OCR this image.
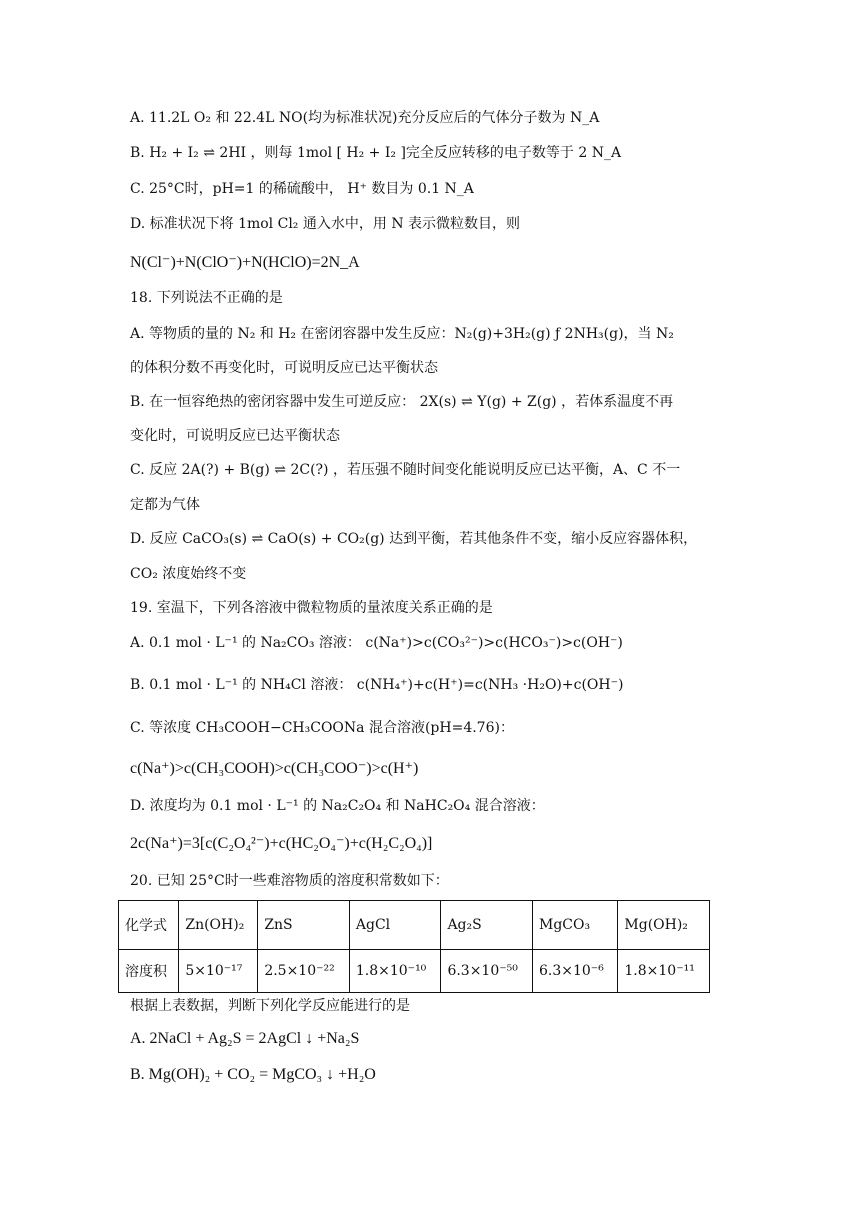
A. 11.2L O₂ 和 22.4L NO(均为标准状况)充分反应后的气体分子数为 N_A
B. H₂ + I₂ ⇌ 2HI ，则每 1mol [ H₂ + I₂ ]完全反应转移的电子数等于 2 N_A
C. 25°C时，pH=1 的稀硫酸中， H⁺ 数目为 0.1 N_A
D. 标准状况下将 1mol Cl₂ 通入水中，用 N 表示微粒数目，则
N(Cl⁻)+N(ClO⁻)+N(HClO)=2N_A
18. 下列说法不正确的是
A. 等物质的量的 N₂ 和 H₂ 在密闭容器中发生反应：N₂(g)+3H₂(g) ƒ 2NH₃(g)，当 N₂
的体积分数不再变化时，可说明反应已达平衡状态
B. 在一恒容绝热的密闭容器中发生可逆反应： 2X(s) ⇌ Y(g) + Z(g) ，若体系温度不再
变化时，可说明反应已达平衡状态
C. 反应 2A(?) + B(g) ⇌ 2C(?) ，若压强不随时间变化能说明反应已达平衡，A、C 不一
定都为气体
D. 反应 CaCO₃(s) ⇌ CaO(s) + CO₂(g) 达到平衡，若其他条件不变，缩小反应容器体积，
CO₂ 浓度始终不变
19. 室温下，下列各溶液中微粒物质的量浓度关系正确的是
A. 0.1 mol · L⁻¹ 的 Na₂CO₃ 溶液： c(Na⁺)>c(CO₃²⁻)>c(HCO₃⁻)>c(OH⁻)
B. 0.1 mol · L⁻¹ 的 NH₄Cl 溶液： c(NH₄⁺)+c(H⁺)=c(NH₃ ·H₂O)+c(OH⁻)
C. 等浓度 CH₃COOH−CH₃COONa 混合溶液(pH=4.76)：
c(Na⁺)>c(CH₃COOH)>c(CH₃COO⁻)>c(H⁺)
D. 浓度均为 0.1 mol · L⁻¹ 的 Na₂C₂O₄ 和 NaHC₂O₄ 混合溶液：
2c(Na⁺)=3[c(C₂O₄²⁻)+c(HC₂O₄⁻)+c(H₂C₂O₄)]
20. 已知 25°C时一些难溶物质的溶度积常数如下：
化学式	Zn(OH)₂	ZnS	AgCl	Ag₂S	MgCO₃	Mg(OH)₂
溶度积	5×10⁻¹⁷	2.5×10⁻²²	1.8×10⁻¹⁰	6.3×10⁻⁵⁰	6.3×10⁻⁶	1.8×10⁻¹¹
根据上表数据，判断下列化学反应能进行的是
A. 2NaCl + Ag₂S = 2AgCl ↓ +Na₂S
B. Mg(OH)₂ + CO₂ = MgCO₃ ↓ +H₂O
